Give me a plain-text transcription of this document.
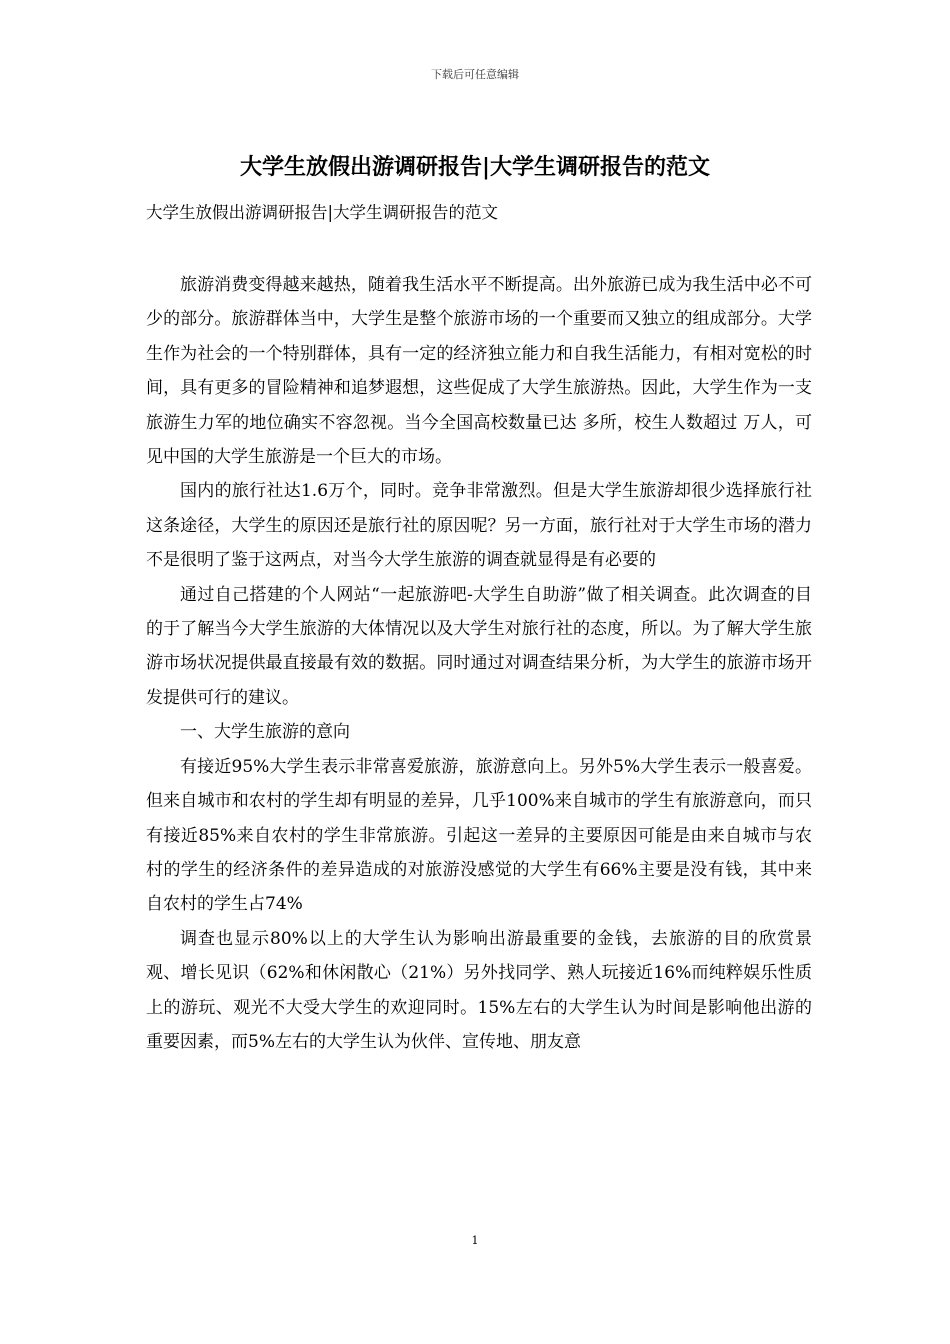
下载后可任意编辑
大学生放假出游调研报告|大学生调研报告的范文
大学生放假出游调研报告|大学生调研报告的范文

旅游消费变得越来越热，随着我生活水平不断提高。出外旅游已成为我生活中必不可少的部分。旅游群体当中，大学生是整个旅游市场的一个重要而又独立的组成部分。大学生作为社会的一个特别群体，具有一定的经济独立能力和自我生活能力，有相对宽松的时间，具有更多的冒险精神和追梦遐想，这些促成了大学生旅游热。因此，大学生作为一支旅游生力军的地位确实不容忽视。当今全国高校数量已达 多所，校生人数超过 万人，可见中国的大学生旅游是一个巨大的市场。

国内的旅行社达1.6万个，同时。竞争非常激烈。但是大学生旅游却很少选择旅行社这条途径，大学生的原因还是旅行社的原因呢？另一方面，旅行社对于大学生市场的潜力不是很明了鉴于这两点，对当今大学生旅游的调查就显得是有必要的

通过自己搭建的个人网站“一起旅游吧-大学生自助游”做了相关调查。此次调查的目的于了解当今大学生旅游的大体情况以及大学生对旅行社的态度，所以。为了解大学生旅游市场状况提供最直接最有效的数据。同时通过对调查结果分析，为大学生的旅游市场开发提供可行的建议。

一、大学生旅游的意向

有接近95%大学生表示非常喜爱旅游，旅游意向上。另外5%大学生表示一般喜爱。但来自城市和农村的学生却有明显的差异，几乎100%来自城市的学生有旅游意向，而只有接近85%来自农村的学生非常旅游。引起这一差异的主要原因可能是由来自城市与农村的学生的经济条件的差异造成的对旅游没感觉的大学生有66%主要是没有钱，其中来自农村的学生占74%

调查也显示80%以上的大学生认为影响出游最重要的金钱，去旅游的目的欣赏景观、增长见识（62%和休闲散心（21%）另外找同学、熟人玩接近16%而纯粹娱乐性质上的游玩、观光不大受大学生的欢迎同时。15%左右的大学生认为时间是影响他出游的重要因素，而5%左右的大学生认为伙伴、宣传地、朋友意

1
